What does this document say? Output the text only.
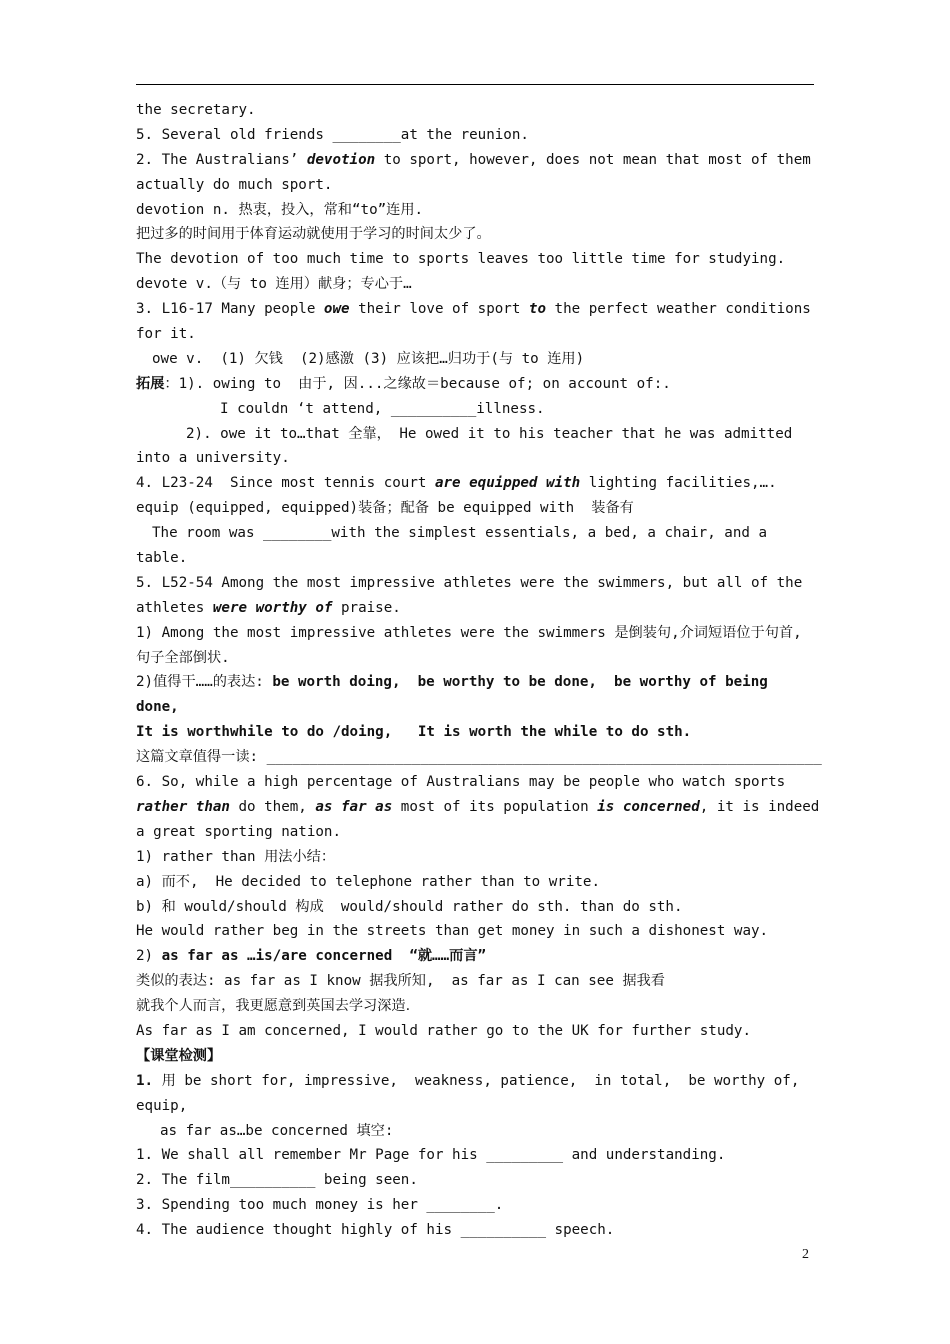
the secretary.
5. Several old friends ________at the reunion.
2. The Australians’ devotion to sport, however, does not mean that most of them
actually do much sport.
devotion n. 热衷，投入，常和“to”连用.
把过多的时间用于体育运动就使用于学习的时间太少了。
The devotion of too much time to sports leaves too little time for studying.
devote v.（与 to 连用）献身；专心于…
3. L16-17 Many people owe their love of sport to the perfect weather conditions
for it.
owe v.  (1) 欠钱  (2)感激 (3) 应该把…归功于(与 to 连用)
拓展：1). owing to  由于, 因...之缘故＝because of; on account of:.
I couldn ‘t attend, __________illness.
2). owe it to…that 全靠， He owed it to his teacher that he was admitted
into a university.
4. L23-24  Since most tennis court are equipped with lighting facilities,….
equip (equipped, equipped)装备；配备 be equipped with  装备有
The room was ________with the simplest essentials, a bed, a chair, and a
table.
5. L52-54 Among the most impressive athletes were the swimmers, but all of the
athletes were worthy of praise.
1) Among the most impressive athletes were the swimmers 是倒装句,介词短语位于句首,
句子全部倒状.
2)值得干……的表达: be worth doing,  be worthy to be done,  be worthy of being
done,
It is worthwhile to do /doing,   It is worth the while to do sth.
这篇文章值得一读: _________________________________________________________________
6. So, while a high percentage of Australians may be people who watch sports
rather than do them, as far as most of its population is concerned, it is indeed
a great sporting nation.
1) rather than 用法小结：
a) 而不,  He decided to telephone rather than to write.
b) 和 would/should 构成  would/should rather do sth. than do sth.
He would rather beg in the streets than get money in such a dishonest way.
2) as far as …is/are concerned  “就……而言”
类似的表达: as far as I know 据我所知,  as far as I can see 据我看
就我个人而言，我更愿意到英国去学习深造.
As far as I am concerned, I would rather go to the UK for further study.
【课堂检测】
1. 用 be short for, impressive,  weakness, patience,  in total,  be worthy of,
equip,
as far as…be concerned 填空:
1. We shall all remember Mr Page for his _________ and understanding.
2. The film__________ being seen.
3. Spending too much money is her ________.
4. The audience thought highly of his __________ speech.
2
